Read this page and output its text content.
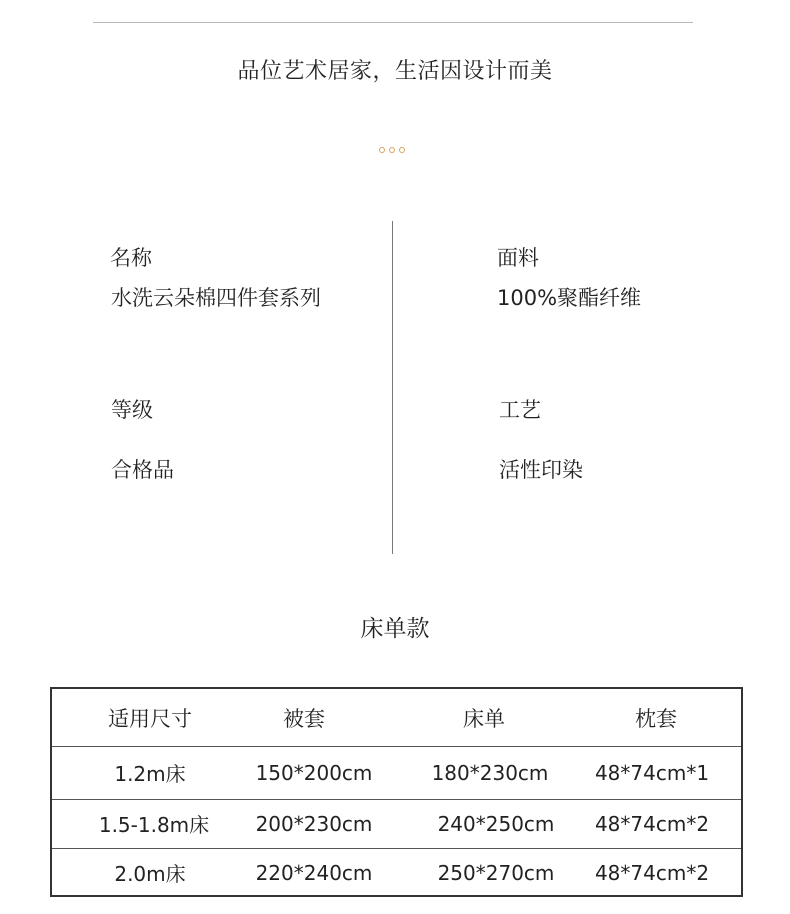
品位艺术居家，生活因设计而美
名称
水洗云朵棉四件套系列
面料
100%聚酯纤维
等级
合格品
工艺
活性印染
床单款
适用尺寸	被套	床单	枕套
1.2m床	150*200cm	180*230cm	48*74cm*1
1.5-1.8m床	200*230cm	240*250cm	48*74cm*2
2.0m床	220*240cm	250*270cm	48*74cm*2
